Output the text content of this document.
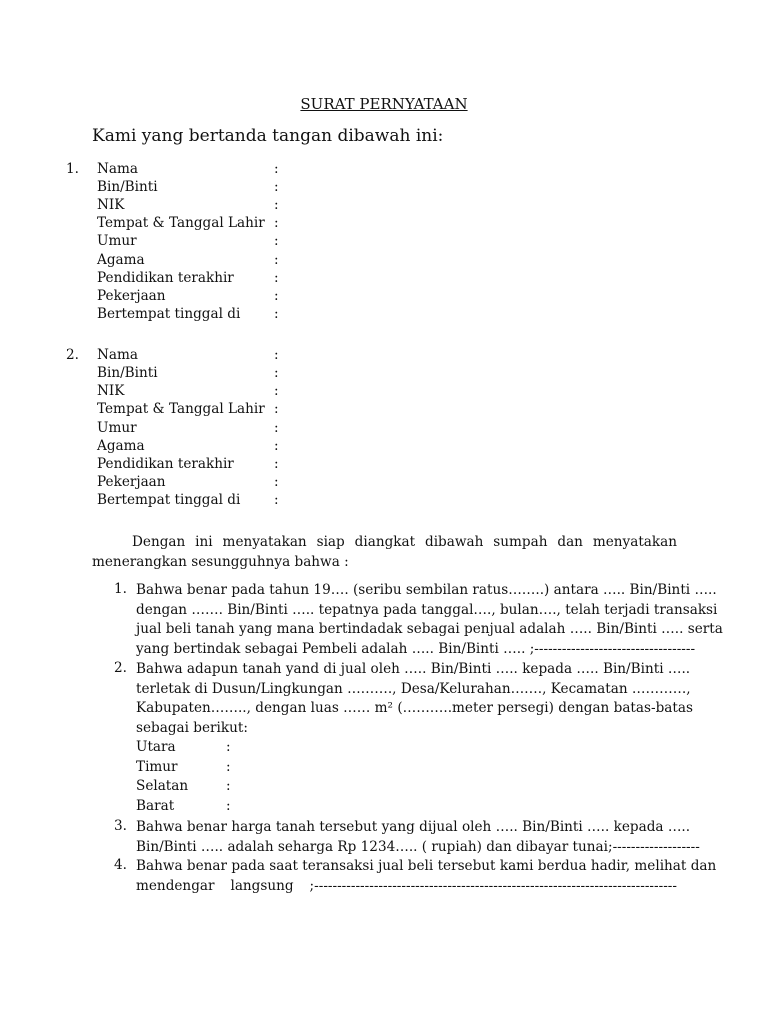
SURAT PERNYATAAN
Kami yang bertanda tangan dibawah ini:
1. Nama
Bin/Binti
NIK
Tempat & Tanggal Lahir
Umur
Agama
Pendidikan terakhir
Pekerjaan
Bertempat tinggal di
:
:
:
:
:
:
:
:
:
2. Nama
Bin/Binti
NIK
Tempat & Tanggal Lahir
Umur
Agama
Pendidikan terakhir
Pekerjaan
Bertempat tinggal di
:
:
:
:
:
:
:
:
:
Dengan ini menyatakan siap diangkat dibawah sumpah dan menyatakan
menerangkan sesungguhnya bahwa :
1. Bahwa benar pada tahun 19…. (seribu sembilan ratus……..) antara ….. Bin/Binti …..
dengan ……. Bin/Binti ….. tepatnya pada tanggal…., bulan…., telah terjadi transaksi
jual beli tanah yang mana bertindadak sebagai penjual adalah ….. Bin/Binti ….. serta
yang bertindak sebagai Pembeli adalah ….. Bin/Binti ….. ;-----------------------------------
2. Bahwa adapun tanah yand di jual oleh ….. Bin/Binti ….. kepada ….. Bin/Binti …..
terletak di Dusun/Lingkungan ………., Desa/Kelurahan……., Kecamatan …………,
Kabupaten…….., dengan luas …… m² (………..meter persegi) dengan batas-batas
sebagai berikut:
Utara
Timur
Selatan
Barat
:
:
:
:
3. Bahwa benar harga tanah tersebut yang dijual oleh ….. Bin/Binti ….. kepada …..
Bin/Binti ….. adalah seharga Rp 1234….. ( rupiah) dan dibayar tunai;-------------------
4. Bahwa benar pada saat teransaksi jual beli tersebut kami berdua hadir, melihat dan
mendengar langsung ;-------------------------------------------------------------------------------
